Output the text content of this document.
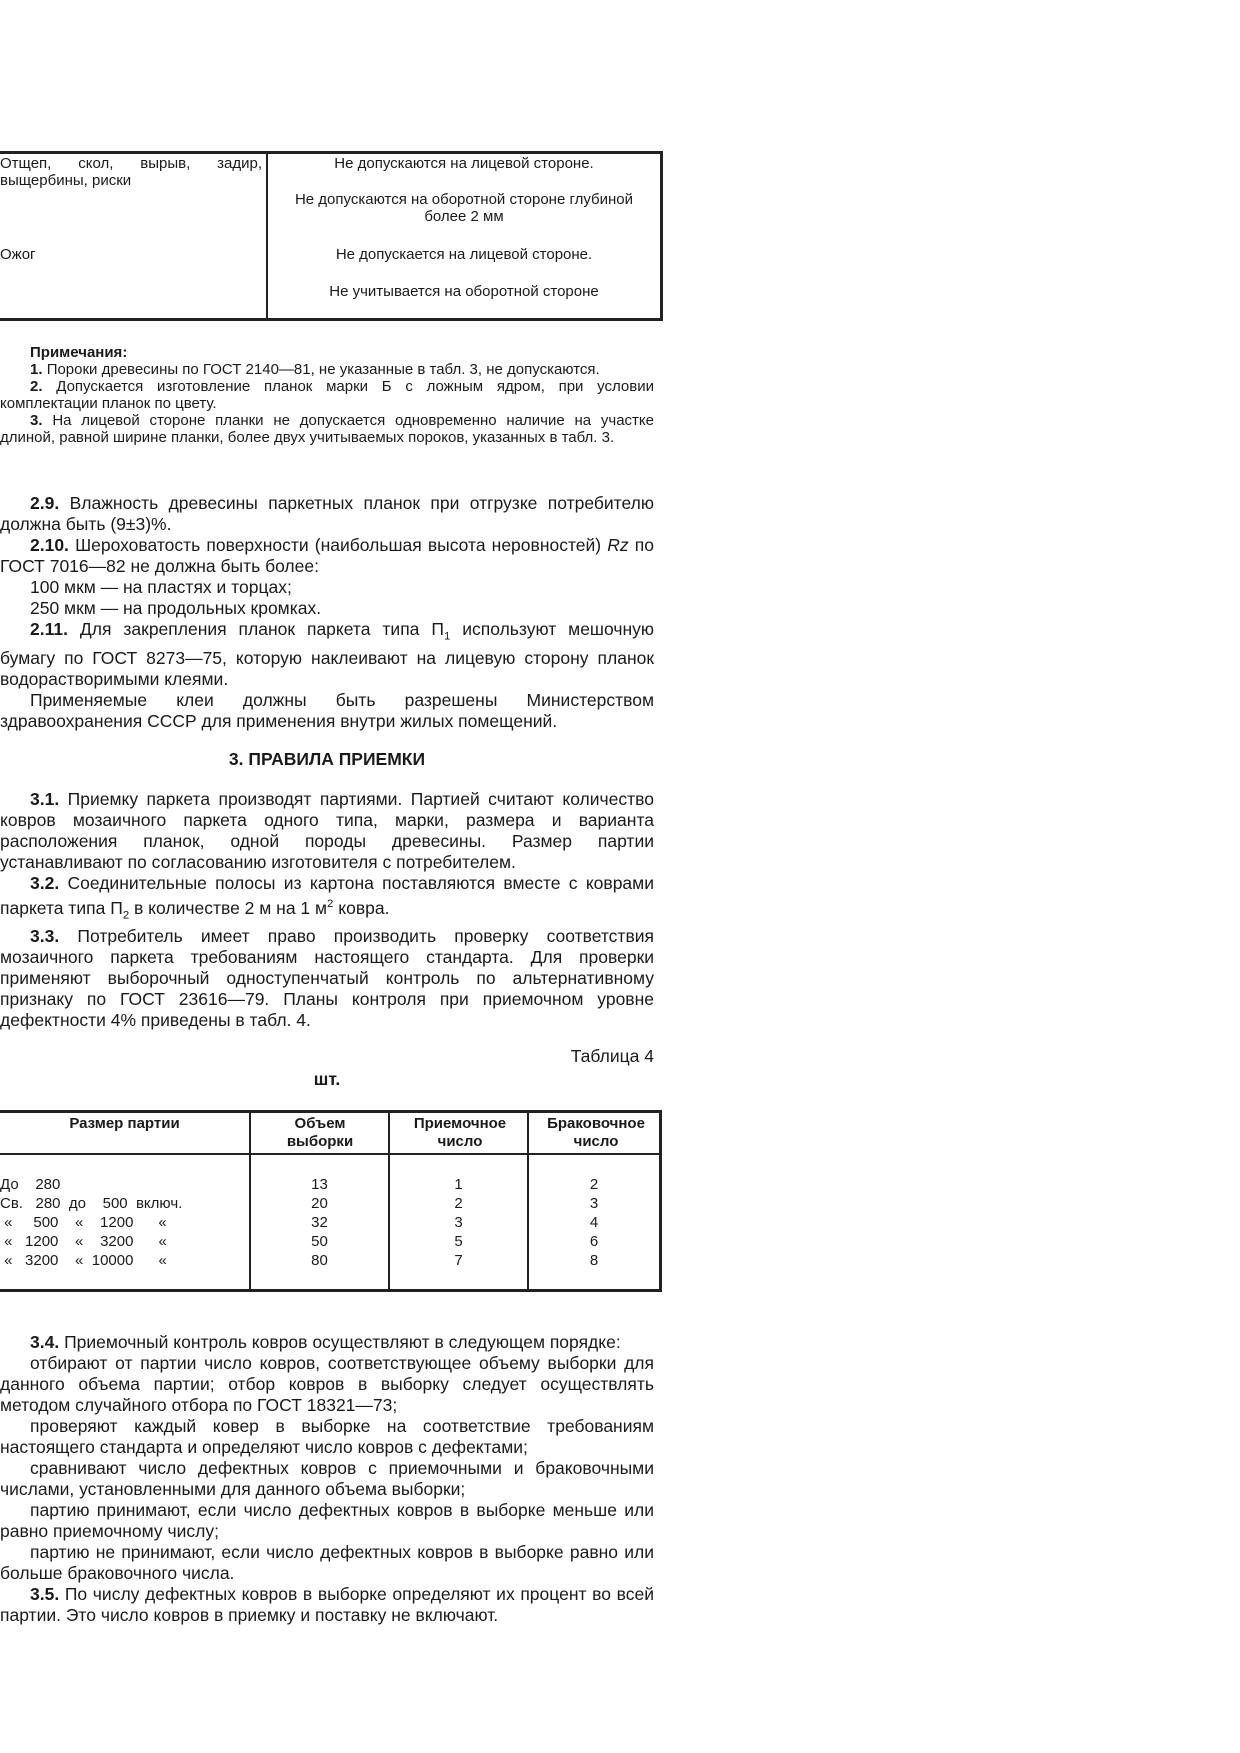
Отщеп, скол, вырыв, задир, выщербины, риски
Не допускаются на лицевой стороне.
Не допускаются на оборотной стороне глубиной более 2 мм
Ожог	Не допускается на лицевой стороне.
Не учитывается на оборотной стороне

Примечания:

1. Пороки древесины по ГОСТ 2140—81, не указанные в табл. 3, не допускаются.

2. Допускается изготовление планок марки Б с ложным ядром, при условии комплектации планок по цвету.

3. На лицевой стороне планки не допускается одновременно наличие на участке длиной, равной ширине планки, более двух учитываемых пороков, указанных в табл. 3.

2.9. Влажность древесины паркетных планок при отгрузке потребителю должна быть (9±3)%.

2.10. Шероховатость поверхности (наибольшая высота неровностей) Rz по ГОСТ 7016—82 не должна быть более:

100 мкм — на пластях и торцах;

250 мкм — на продольных кромках.

2.11. Для закрепления планок паркета типа $П_1$ используют мешочную бумагу по ГОСТ 8273—75, которую наклеивают на лицевую сторону планок водорастворимыми клеями.

Применяемые клеи должны быть разрешены Министерством здравоохранения СССР для применения внутри жилых помещений.

3. ПРАВИЛА ПРИЕМКИ

3.1. Приемку паркета производят партиями. Партией считают количество ковров мозаичного паркета одного типа, марки, размера и варианта расположения планок, одной породы древесины. Размер партии устанавливают по согласованию изготовителя с потребителем.

3.2. Соединительные полосы из картона поставляются вместе с коврами паркета типа $П_2$ в количестве 2 м на 1 $м^2$ ковра.

3.3. Потребитель имеет право производить проверку соответствия мозаичного паркета требованиям настоящего стандарта. Для проверки применяют выборочный одноступенчатый контроль по альтернативному признаку по ГОСТ 23616—79. Планы контроля при приемочном уровне дефектности 4% приведены в табл. 4.

Таблица 4
шт.
Размер партии	Объем выборки
Приемочное число
Браковочное число
До    280
Св.   280  до    500  включ.
«     500    «    1200      «
«   1200    «    3200      «
«   3200    «  10000      «
13
20
32
50
80
1
2
3
5
7
2
3
4
6
8

3.4. Приемочный контроль ковров осуществляют в следующем порядке:

отбирают от партии число ковров, соответствующее объему выборки для данного объема партии; отбор ковров в выборку следует осуществлять методом случайного отбора по ГОСТ 18321—73;

проверяют каждый ковер в выборке на соответствие требованиям настоящего стандарта и определяют число ковров с дефектами;

сравнивают число дефектных ковров с приемочными и браковочными числами, установленными для данного объема выборки;

партию принимают, если число дефектных ковров в выборке меньше или равно приемочному числу;

партию не принимают, если число дефектных ковров в выборке равно или больше браковочного числа.

3.5. По числу дефектных ковров в выборке определяют их процент во всей партии. Это число ковров в приемку и поставку не включают.
